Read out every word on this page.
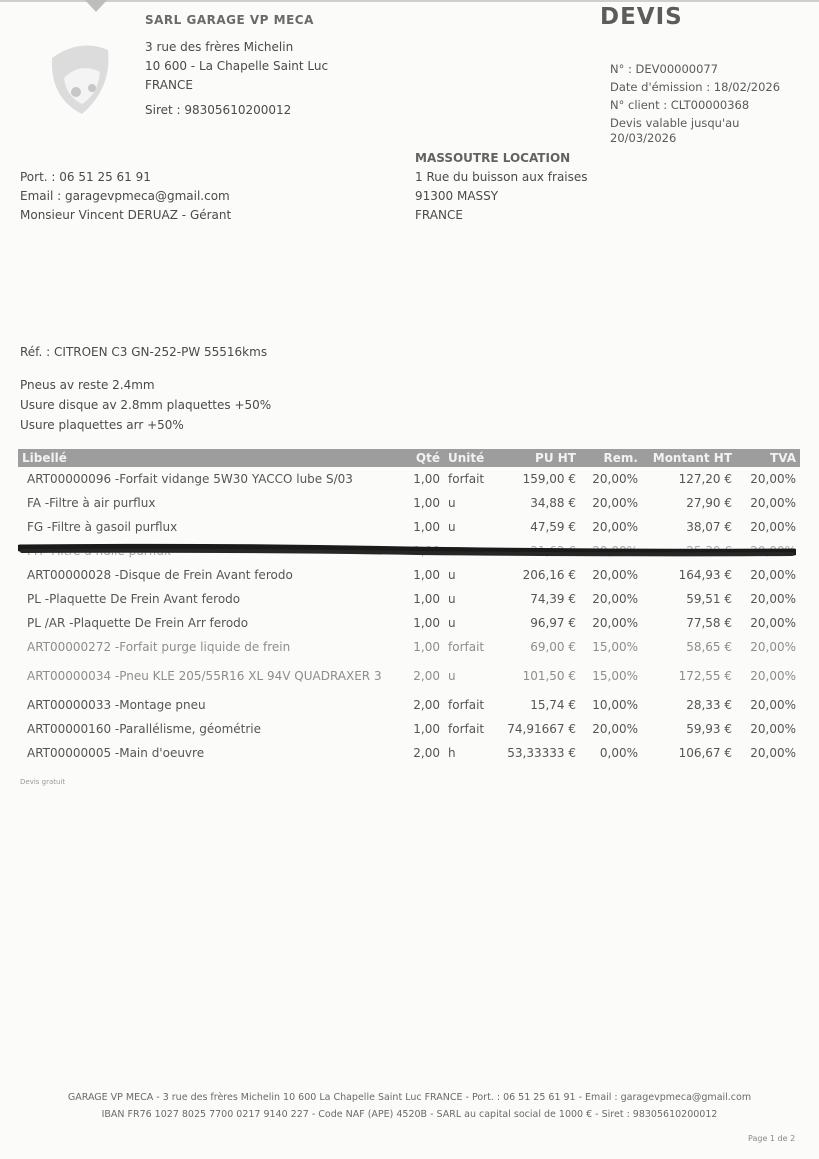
SARL GARAGE VP MECA
3 rue des frères Michelin
10 600 - La Chapelle Saint Luc
FRANCE
Siret : 98305610200012
DEVIS
N° : DEV00000077
Date d'émission : 18/02/2026
N° client : CLT00000368
Devis valable jusqu'au
20/03/2026
Port. : 06 51 25 61 91
Email : garagevpmeca@gmail.com
Monsieur Vincent DERUAZ - Gérant
MASSOUTRE LOCATION
1 Rue du buisson aux fraises
91300 MASSY
FRANCE
Réf. : CITROEN C3 GN-252-PW 55516kms
Pneus av reste 2.4mm
Usure disque av 2.8mm plaquettes +50%
Usure plaquettes arr +50%
Libellé	Qté	Unité	PU HT	Rem.	Montant HT	TVA
ART00000096 -Forfait vidange 5W30 YACCO lube S/03	1,00	forfait	159,00 €	20,00%	127,20 €	20,00%
FA -Filtre à air purflux	1,00	u	34,88 €	20,00%	27,90 €	20,00%
FG -Filtre à gasoil purflux	1,00	u	47,59 €	20,00%	38,07 €	20,00%
FH -Filtre à huile purflux	1,00	u	31,62 €	20,00%	25,30 €	20,00%
ART00000028 -Disque de Frein Avant ferodo	1,00	u	206,16 €	20,00%	164,93 €	20,00%
PL -Plaquette De Frein Avant ferodo	1,00	u	74,39 €	20,00%	59,51 €	20,00%
PL /AR -Plaquette De Frein Arr ferodo	1,00	u	96,97 €	20,00%	77,58 €	20,00%
ART00000272 -Forfait purge liquide de frein	1,00	forfait	69,00 €	15,00%	58,65 €	20,00%
ART00000034 -Pneu KLE 205/55R16 XL 94V QUADRAXER 3	2,00	u	101,50 €	15,00%	172,55 €	20,00%
ART00000033 -Montage pneu	2,00	forfait	15,74 €	10,00%	28,33 €	20,00%
ART00000160 -Parallélisme, géométrie	1,00	forfait	74,91667 €	20,00%	59,93 €	20,00%
ART00000005 -Main d'oeuvre	2,00	h	53,33333 €	0,00%	106,67 €	20,00%
Devis gratuit
GARAGE VP MECA - 3 rue des frères Michelin 10 600 La Chapelle Saint Luc FRANCE - Port. : 06 51 25 61 91 - Email : garagevpmeca@gmail.com
IBAN FR76 1027 8025 7700 0217 9140 227 - Code NAF (APE) 4520B - SARL au capital social de 1000 € - Siret : 98305610200012
Page 1 de 2
